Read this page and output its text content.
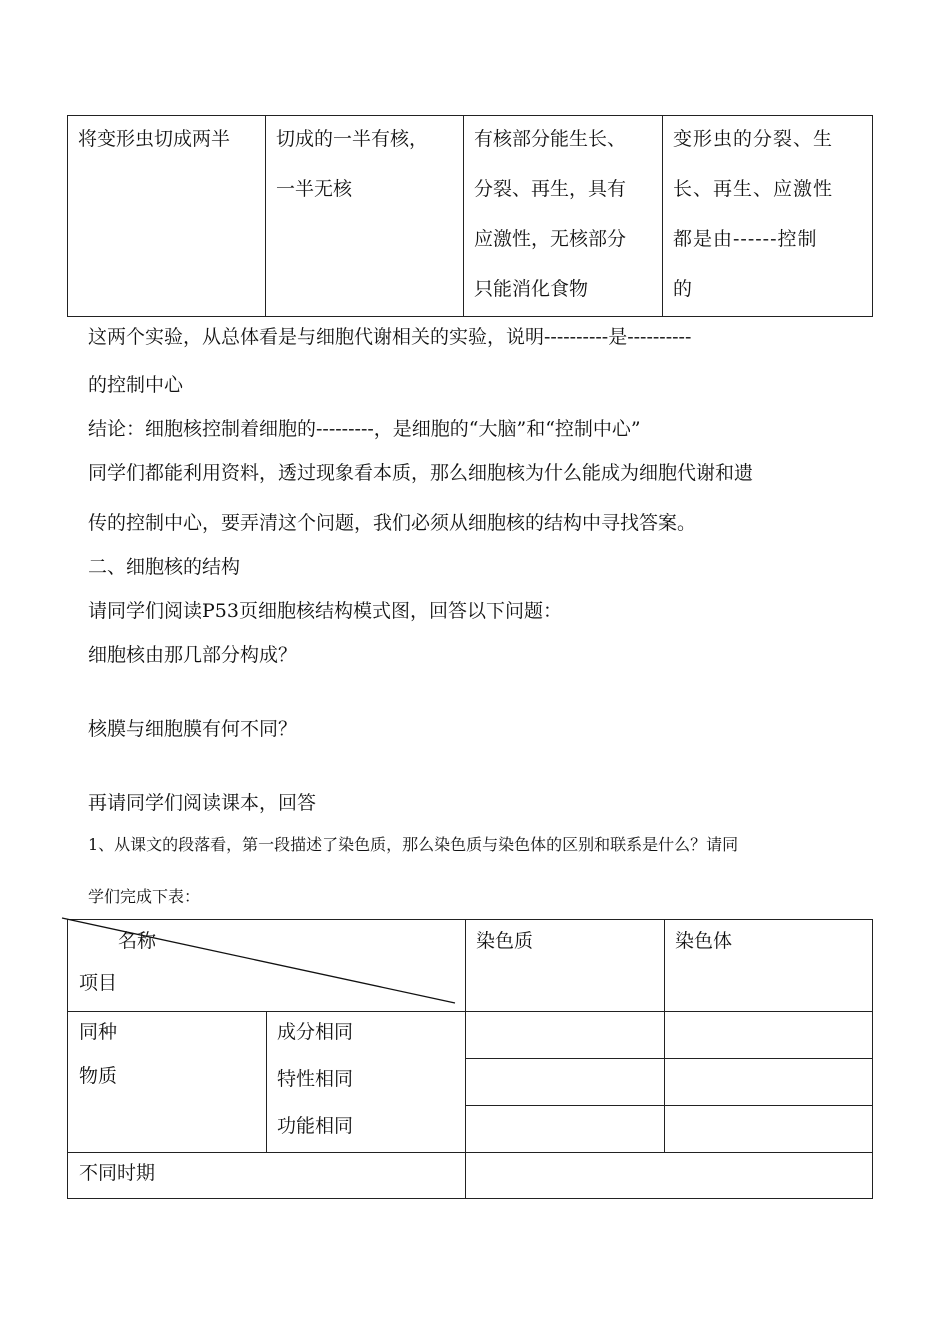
将变形虫切成两半 切成的一半有核，
一半无核
有核部分能生长、
分裂、再生，具有
应激性，无核部分
只能消化食物
变形虫的分裂、生
长、再生、应激性
都是由------控制
的
这两个实验，从总体看是与细胞代谢相关的实验，说明----------是----------
的控制中心
结论：细胞核控制着细胞的---------，是细胞的“大脑”和“控制中心”
同学们都能利用资料，透过现象看本质，那么细胞核为什么能成为细胞代谢和遗
传的控制中心，要弄清这个问题，我们必须从细胞核的结构中寻找答案。
二、细胞核的结构
请同学们阅读P53页细胞核结构模式图，回答以下问题：
细胞核由那几部分构成？
核膜与细胞膜有何不同？
再请同学们阅读课本，回答
1、从课文的段落看，第一段描述了染色质，那么染色质与染色体的区别和联系是什么？请同
学们完成下表：
名称
项目
染色质	染色体
同种
物质
成分相同
特性相同
功能相同
不同时期
